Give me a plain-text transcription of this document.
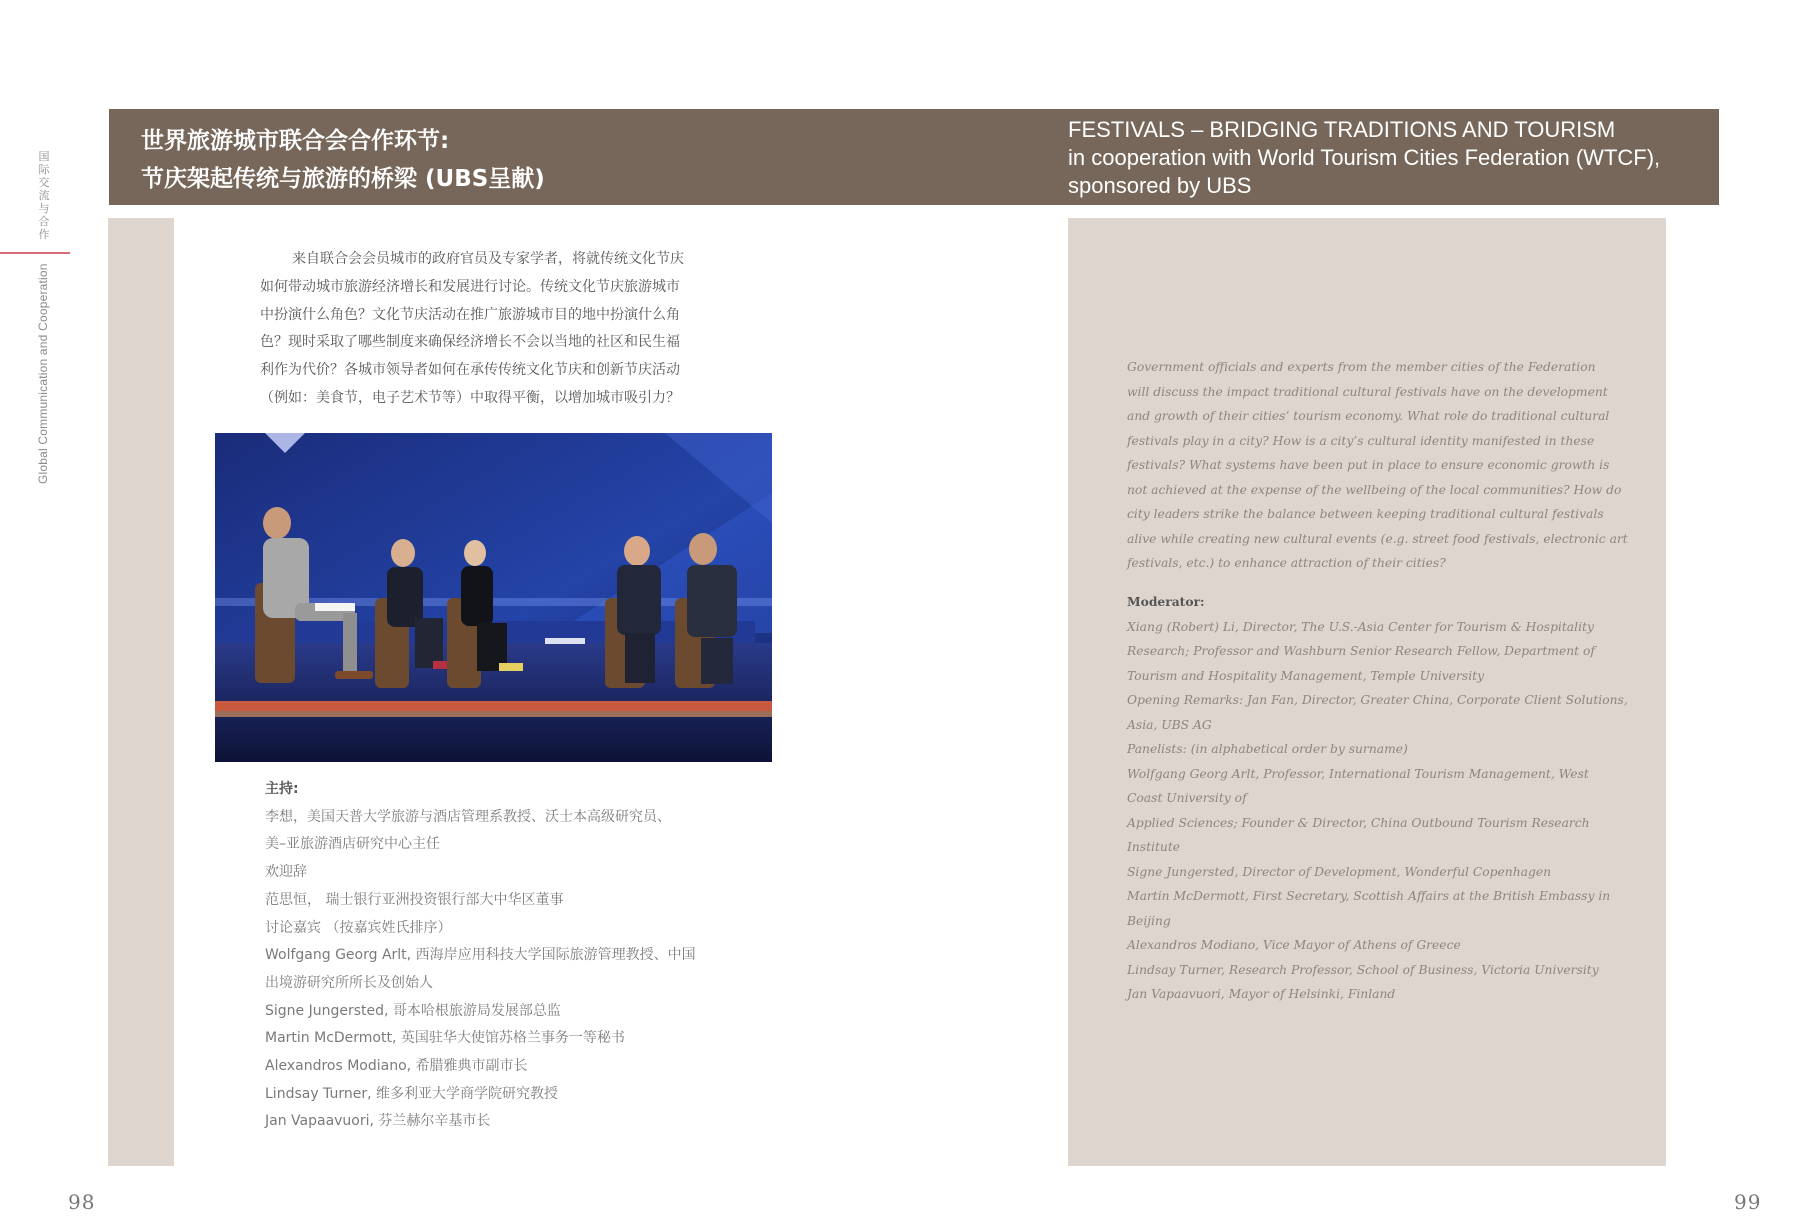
国际交流与合作
Global Communication and Cooperation
世界旅游城市联合会合作环节:
节庆架起传统与旅游的桥梁 (UBS呈献)
FESTIVALS – BRIDGING TRADITIONS AND TOURISM
in cooperation with World Tourism Cities Federation (WTCF),
sponsored by UBS
来自联合会会员城市的政府官员及专家学者，将就传统文化节庆
如何带动城市旅游经济增长和发展进行讨论。传统文化节庆旅游城市
中扮演什么角色？文化节庆活动在推广旅游城市目的地中扮演什么角
色？现时采取了哪些制度来确保经济增长不会以当地的社区和民生福
利作为代价？各城市领导者如何在承传传统文化节庆和创新节庆活动
（例如：美食节，电子艺术节等）中取得平衡，以增加城市吸引力？
主持:
李想，美国天普大学旅游与酒店管理系教授、沃士本高级研究员、
美–亚旅游酒店研究中心主任
欢迎辞
范思恒， 瑞士银行亚洲投资银行部大中华区董事
讨论嘉宾 （按嘉宾姓氏排序）
Wolfgang Georg Arlt, 西海岸应用科技大学国际旅游管理教授、中国
出境游研究所所长及创始人
Signe Jungersted, 哥本哈根旅游局发展部总监
Martin McDermott, 英国驻华大使馆苏格兰事务一等秘书
Alexandros Modiano, 希腊雅典市副市长
Lindsay Turner, 维多利亚大学商学院研究教授
Jan Vapaavuori, 芬兰赫尔辛基市长
98
Government officials and experts from the member cities of the Federation
will discuss the impact traditional cultural festivals have on the development
and growth of their cities’ tourism economy. What role do traditional cultural
festivals play in a city? How is a city’s cultural identity manifested in these
festivals? What systems have been put in place to ensure economic growth is
not achieved at the expense of the wellbeing of the local communities? How do
city leaders strike the balance between keeping traditional cultural festivals
alive while creating new cultural events (e.g. street food festivals, electronic art
festivals, etc.) to enhance attraction of their cities?
Moderator:
Xiang (Robert) Li, Director, The U.S.-Asia Center for Tourism & Hospitality
Research; Professor and Washburn Senior Research Fellow, Department of
Tourism and Hospitality Management, Temple University
Opening Remarks: Jan Fan, Director, Greater China, Corporate Client Solutions,
Asia, UBS AG
Panelists: (in alphabetical order by surname)
Wolfgang Georg Arlt, Professor, International Tourism Management, West
Coast University of
Applied Sciences; Founder & Director, China Outbound Tourism Research
Institute
Signe Jungersted, Director of Development, Wonderful Copenhagen
Martin McDermott, First Secretary, Scottish Affairs at the British Embassy in
Beijing
Alexandros Modiano, Vice Mayor of Athens of Greece
Lindsay Turner, Research Professor, School of Business, Victoria University
Jan Vapaavuori, Mayor of Helsinki, Finland
99
